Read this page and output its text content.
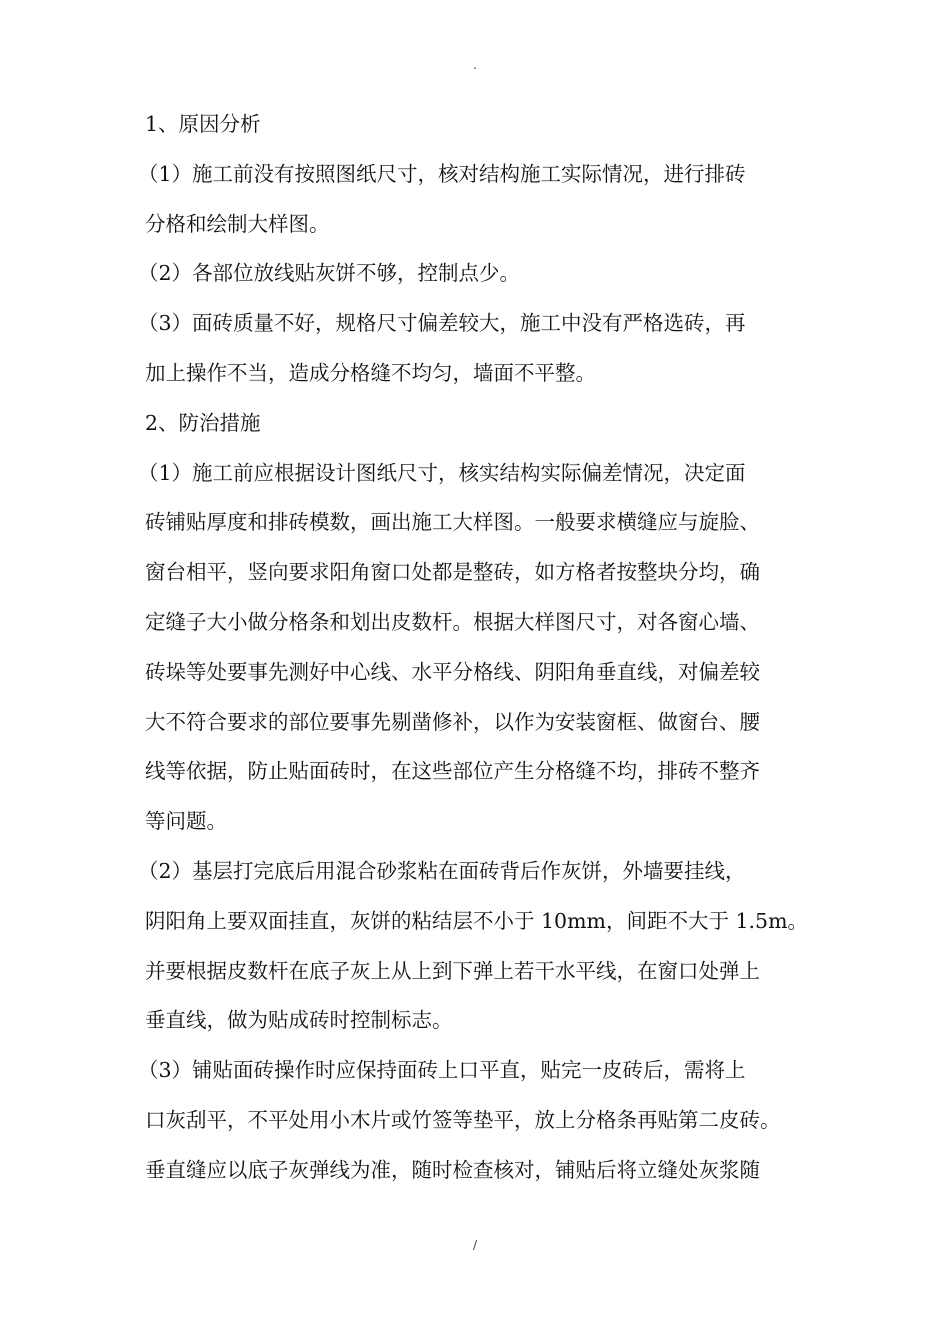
.
1、原因分析
（1）施工前没有按照图纸尺寸，核对结构施工实际情况，进行排砖
分格和绘制大样图。
（2）各部位放线贴灰饼不够，控制点少。
（3）面砖质量不好，规格尺寸偏差较大，施工中没有严格选砖，再
加上操作不当，造成分格缝不均匀，墙面不平整。
2、防治措施
（1）施工前应根据设计图纸尺寸，核实结构实际偏差情况，决定面
砖铺贴厚度和排砖模数，画出施工大样图。一般要求横缝应与旋脸、
窗台相平，竖向要求阳角窗口处都是整砖，如方格者按整块分均，确
定缝子大小做分格条和划出皮数杆。根据大样图尺寸，对各窗心墙、
砖垛等处要事先测好中心线、水平分格线、阴阳角垂直线，对偏差较
大不符合要求的部位要事先剔凿修补，以作为安装窗框、做窗台、腰
线等依据，防止贴面砖时，在这些部位产生分格缝不均，排砖不整齐
等问题。
（2）基层打完底后用混合砂浆粘在面砖背后作灰饼，外墙要挂线，
阴阳角上要双面挂直，灰饼的粘结层不小于 10mm，间距不大于 1.5m。
并要根据皮数杆在底子灰上从上到下弹上若干水平线，在窗口处弹上
垂直线，做为贴成砖时控制标志。
（3）铺贴面砖操作时应保持面砖上口平直，贴完一皮砖后，需将上
口灰刮平，不平处用小木片或竹签等垫平，放上分格条再贴第二皮砖。
垂直缝应以底子灰弹线为准，随时检查核对，铺贴后将立缝处灰浆随
/
